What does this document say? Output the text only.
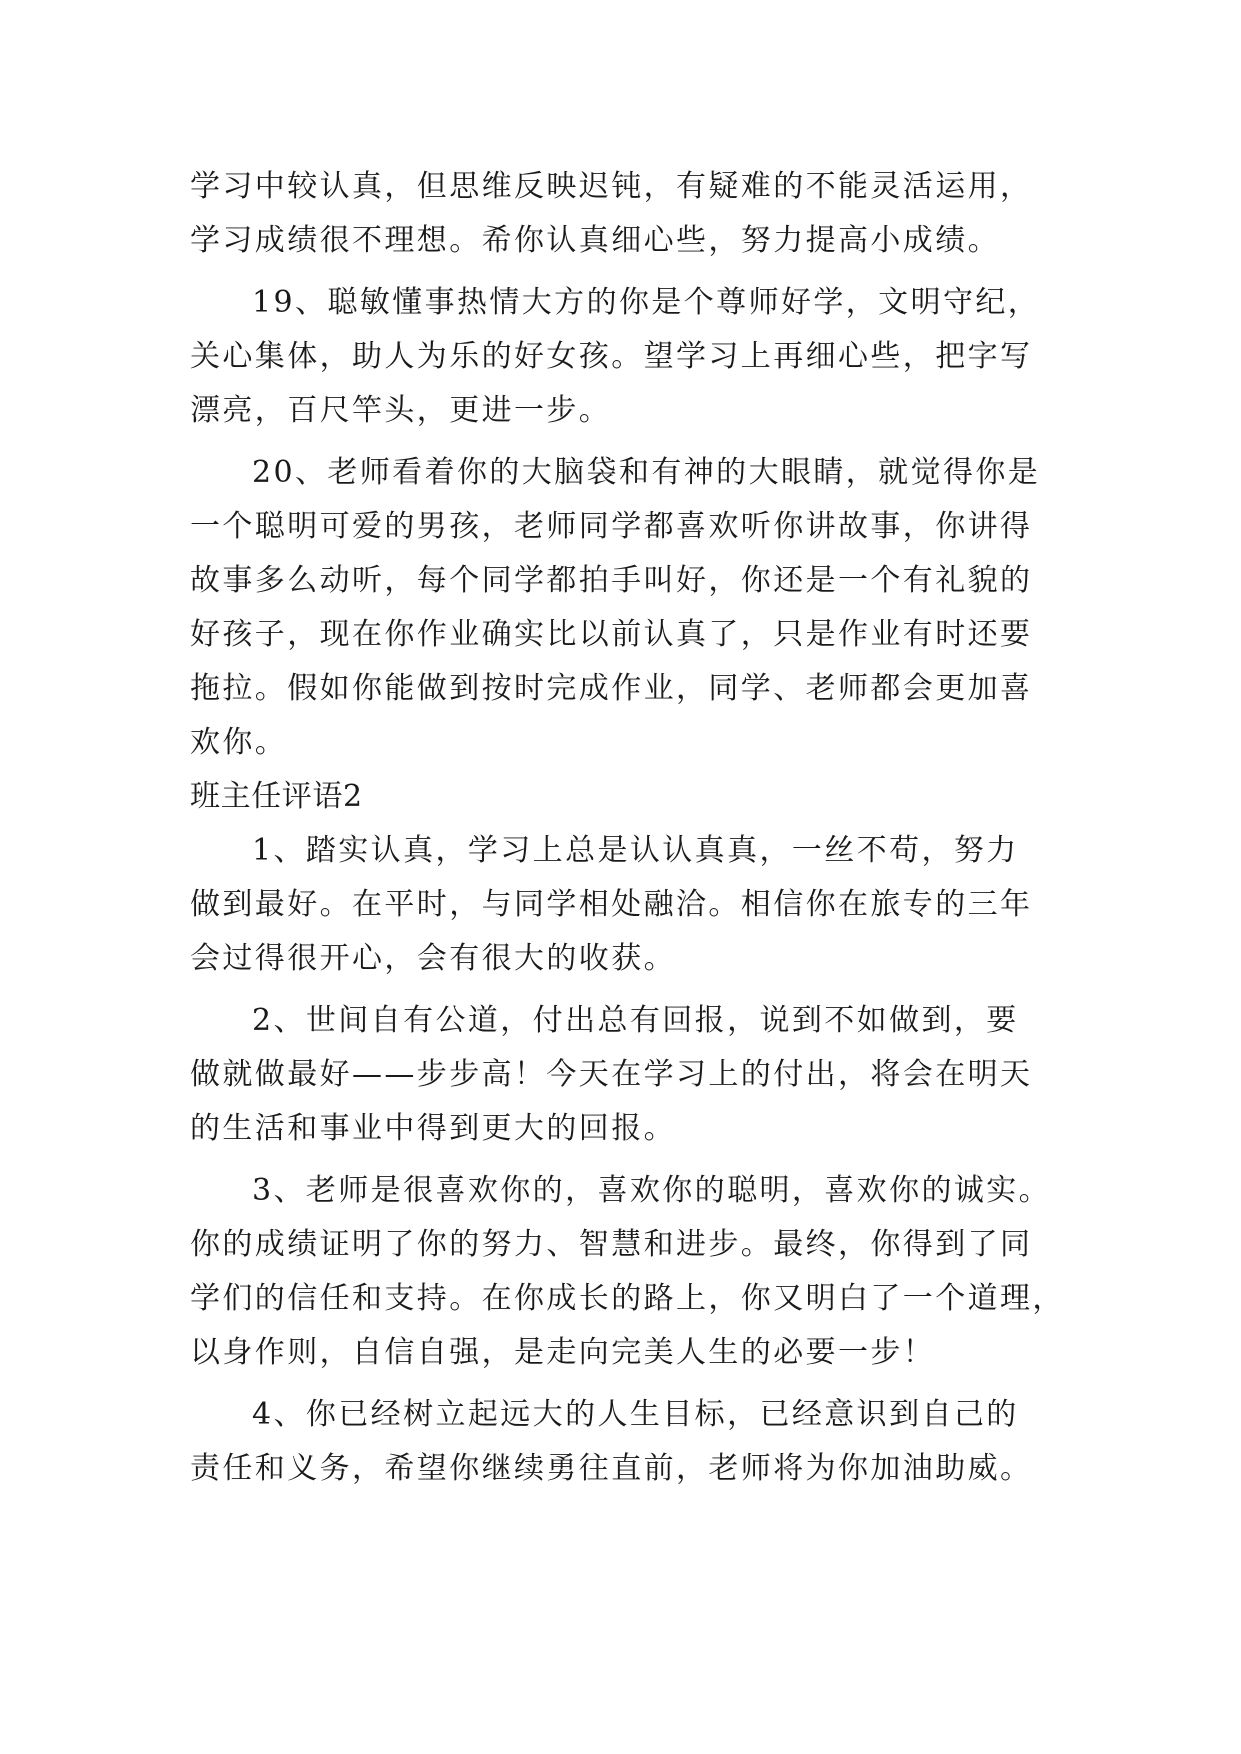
学习中较认真，但思维反映迟钝，有疑难的不能灵活运用，
学习成绩很不理想。希你认真细心些，努力提高小成绩。
19、聪敏懂事热情大方的你是个尊师好学，文明守纪，
关心集体，助人为乐的好女孩。望学习上再细心些，把字写
漂亮，百尺竿头，更进一步。
20、老师看着你的大脑袋和有神的大眼睛，就觉得你是
一个聪明可爱的男孩，老师同学都喜欢听你讲故事，你讲得
故事多么动听，每个同学都拍手叫好，你还是一个有礼貌的
好孩子，现在你作业确实比以前认真了，只是作业有时还要
拖拉。假如你能做到按时完成作业，同学、老师都会更加喜
欢你。
班主任评语2
1、踏实认真，学习上总是认认真真，一丝不苟，努力
做到最好。在平时，与同学相处融洽。相信你在旅专的三年
会过得很开心，会有很大的收获。
2、世间自有公道，付出总有回报，说到不如做到，要
做就做最好——步步高！今天在学习上的付出，将会在明天
的生活和事业中得到更大的回报。
3、老师是很喜欢你的，喜欢你的聪明，喜欢你的诚实。
你的成绩证明了你的努力、智慧和进步。最终，你得到了同
学们的信任和支持。在你成长的路上，你又明白了一个道理，
以身作则，自信自强，是走向完美人生的必要一步！
4、你已经树立起远大的人生目标，已经意识到自己的
责任和义务，希望你继续勇往直前，老师将为你加油助威。
